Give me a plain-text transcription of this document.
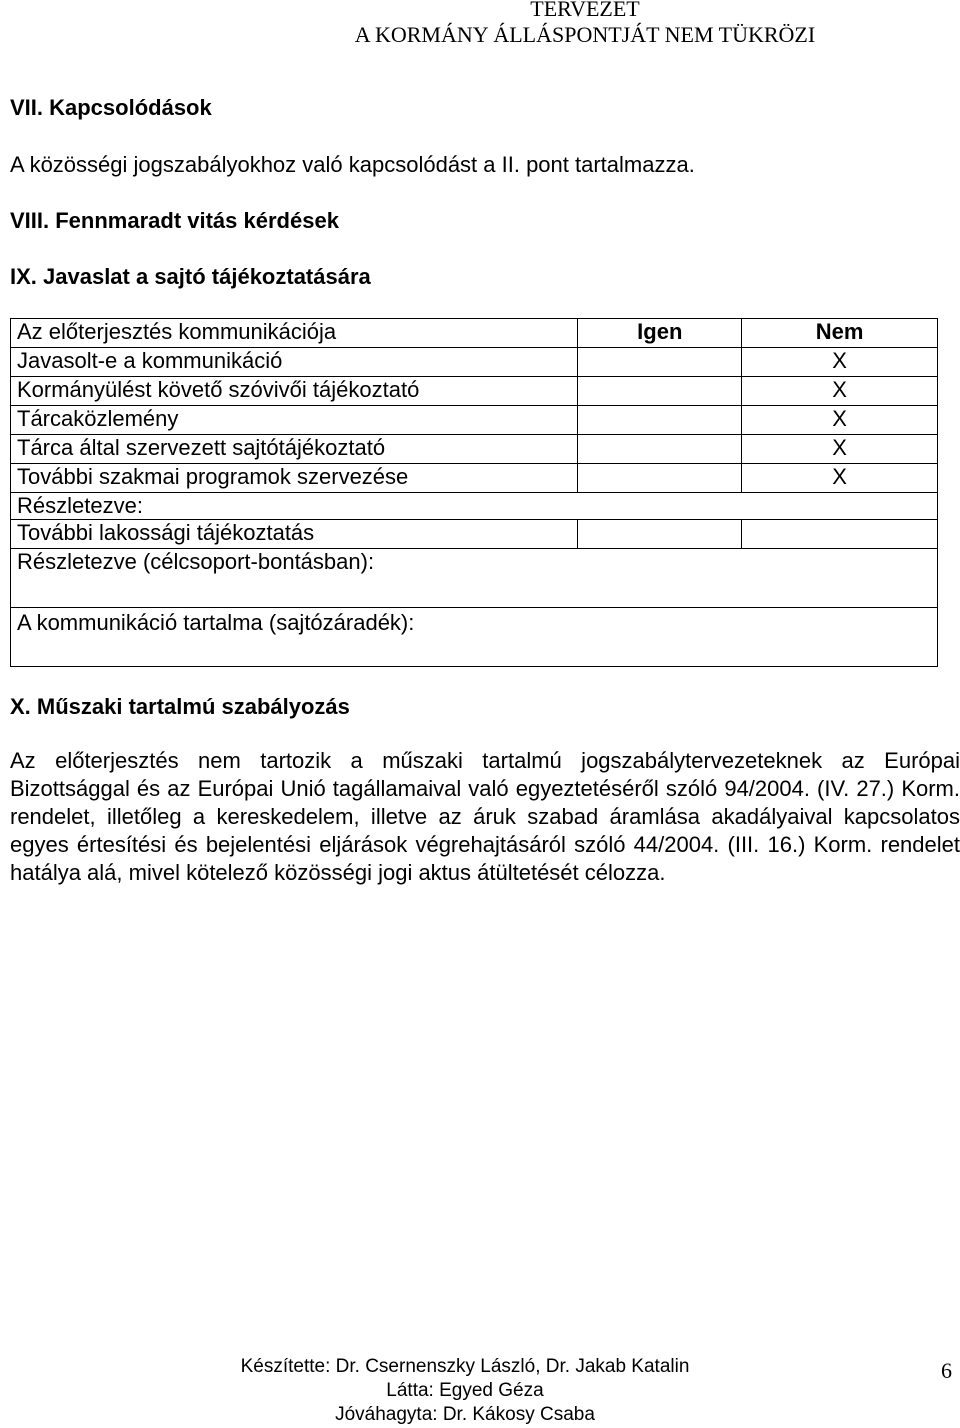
TERVEZET
A KORMÁNY ÁLLÁSPONTJÁT NEM TÜKRÖZI
VII. Kapcsolódások

A közösségi jogszabályokhoz való kapcsolódást a II. pont tartalmazza.

VIII. Fennmaradt vitás kérdések
IX. Javaslat a sajtó tájékoztatására
Az előterjesztés kommunikációja	Igen	Nem
Javasolt-e a kommunikáció		X
Kormányülést követő szóvivői tájékoztató		X
Tárcaközlemény		X
Tárca által szervezett sajtótájékoztató		X
További szakmai programok szervezése		X
Részletezve:		
További lakossági tájékoztatás		
Részletezve (célcsoport-bontásban):		
A kommunikáció tartalma (sajtózáradék):		
X. Műszaki tartalmú szabályozás

Az előterjesztés nem tartozik a műszaki tartalmú jogszabálytervezeteknek az Európai Bizottsággal és az Európai Unió tagállamaival való egyeztetéséről szóló 94/2004. (IV. 27.) Korm. rendelet, illetőleg a kereskedelem, illetve az áruk szabad áramlása akadályaival kapcsolatos egyes értesítési és bejelentési eljárások végrehajtásáról szóló 44/2004. (III. 16.) Korm. rendelet hatálya alá, mivel kötelező közösségi jogi aktus átültetését célozza.

Készítette: Dr. Csernenszky László, Dr. Jakab Katalin
Látta: Egyed Géza
Jóváhagyta: Dr. Kákosy Csaba
6
